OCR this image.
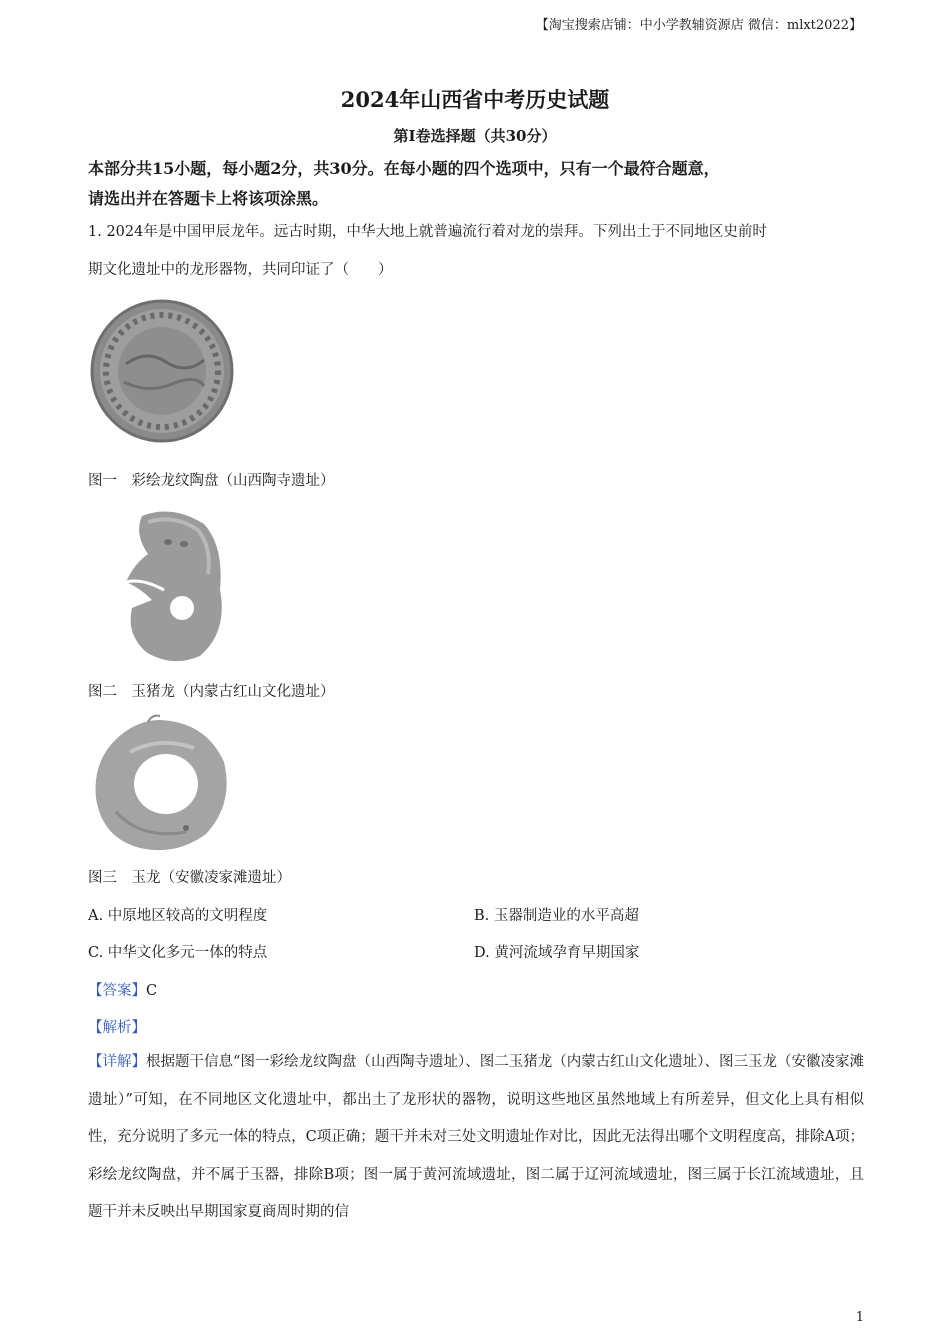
【淘宝搜索店铺：中小学教辅资源店 微信：mlxt2022】
2024年山西省中考历史试题
第I卷选择题（共30分）
本部分共15小题，每小题2分，共30分。在每小题的四个选项中，只有一个最符合题意，
请选出并在答题卡上将该项涂黑。
1. 2024年是中国甲辰龙年。远古时期，中华大地上就普遍流行着对龙的崇拜。下列出土于不同地区史前时
期文化遗址中的龙形器物，共同印证了（　　）
图一　彩绘龙纹陶盘（山西陶寺遗址）
图二　玉猪龙（内蒙古红山文化遗址）
图三　玉龙（安徽凌家滩遗址）
A. 中原地区较高的文明程度	B. 玉器制造业的水平高超
C. 中华文化多元一体的特点	D. 黄河流域孕育早期国家
【答案】C
【解析】
【详解】根据题干信息“图一彩绘龙纹陶盘（山西陶寺遗址）、图二玉猪龙（内蒙古红山文化遗址）、图三玉龙（安徽凌家滩遗址）”可知，在不同地区文化遗址中，都出土了龙形状的器物，说明这些地区虽然地域上有所差异，但文化上具有相似性，充分说明了多元一体的特点，C项正确；题干并未对三处文明遗址作对比，因此无法得出哪个文明程度高，排除A项；彩绘龙纹陶盘，并不属于玉器，排除B项；图一属于黄河流域遗址，图二属于辽河流域遗址，图三属于长江流域遗址，且题干并未反映出早期国家夏商周时期的信
1
